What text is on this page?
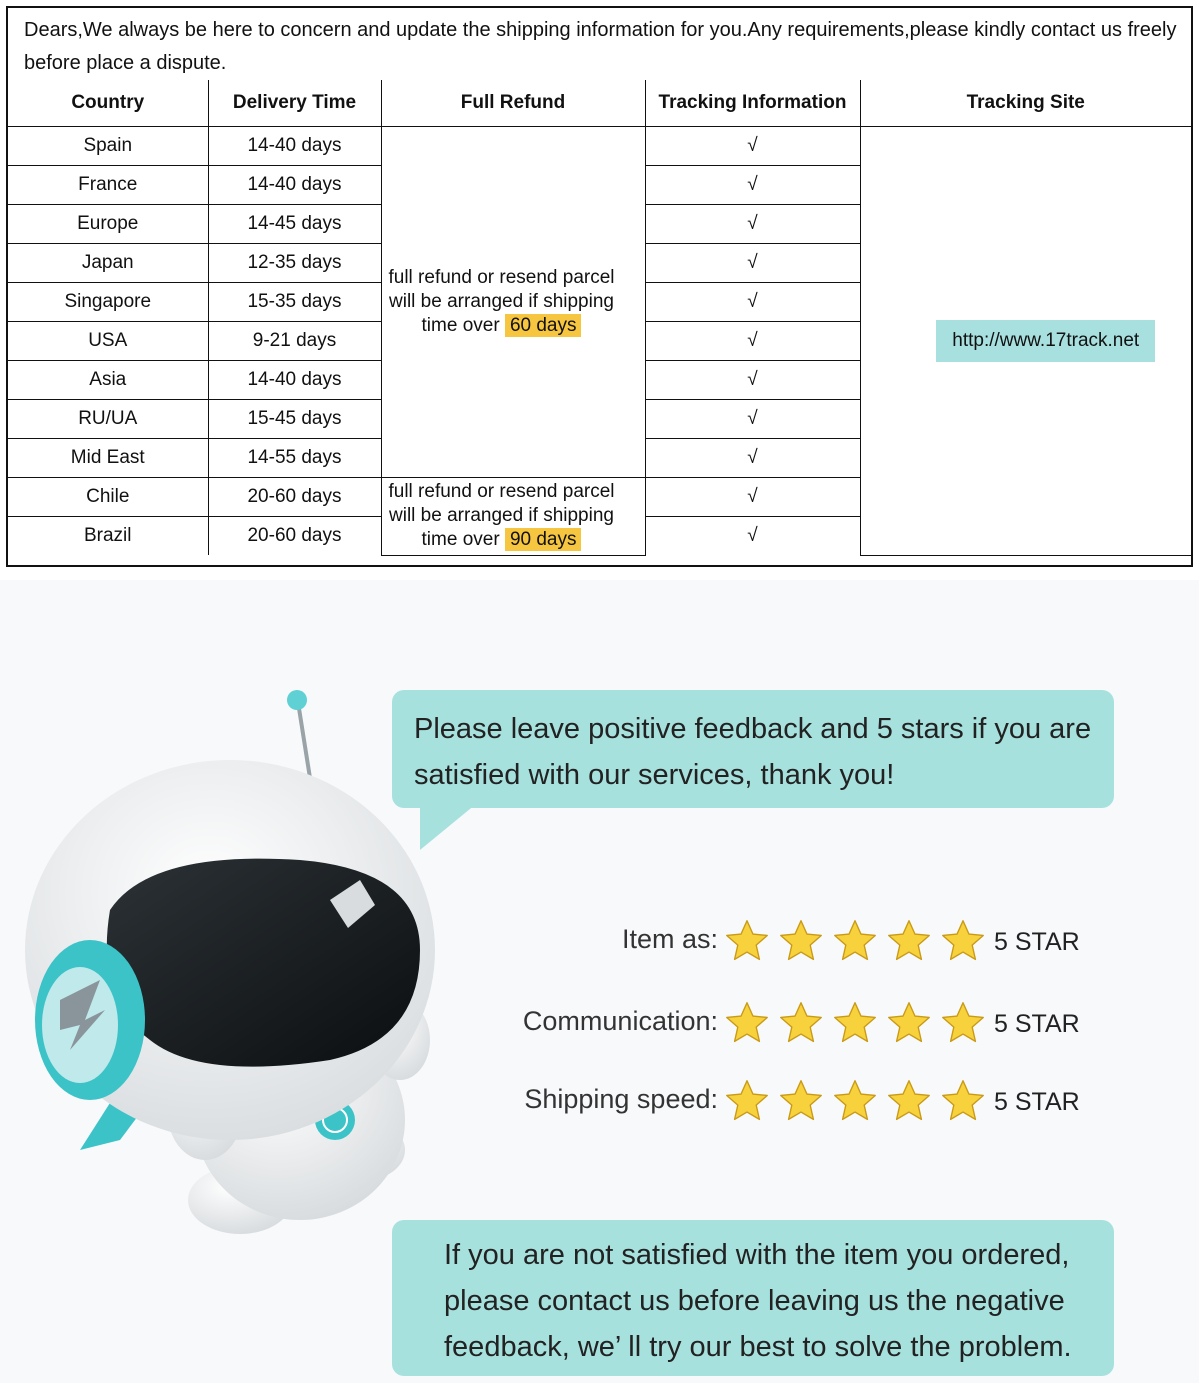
Dears,We always be here to concern and update the shipping information for you.Any requirements,please kindly contact us freely before place a dispute.
Country	Delivery Time	Full Refund	Tracking Information	Tracking Site
Spain	14-40 days	full refund or resend parcel will be arranged if shipping time over 60 days	√	http://www.17track.net
France	14-40 days		√	
Europe	14-45 days		√	
Japan	12-35 days		√	
Singapore	15-35 days		√	
USA	9-21 days		√	
Asia	14-40 days		√	
RU/UA	15-45 days		√	
Mid East	14-55 days		√	
Chile	20-60 days	full refund or resend parcel will be arranged if shipping time over 90 days	√	
Brazil	20-60 days		√	
Please leave positive feedback and 5 stars if you are satisfied with our services, thank you!
Item as:	5 STAR
Communication:	5 STAR
Shipping speed:	5 STAR
If you are not satisfied with the item you ordered, please contact us before leaving us the negative feedback, we’ ll try our best to solve the problem.
